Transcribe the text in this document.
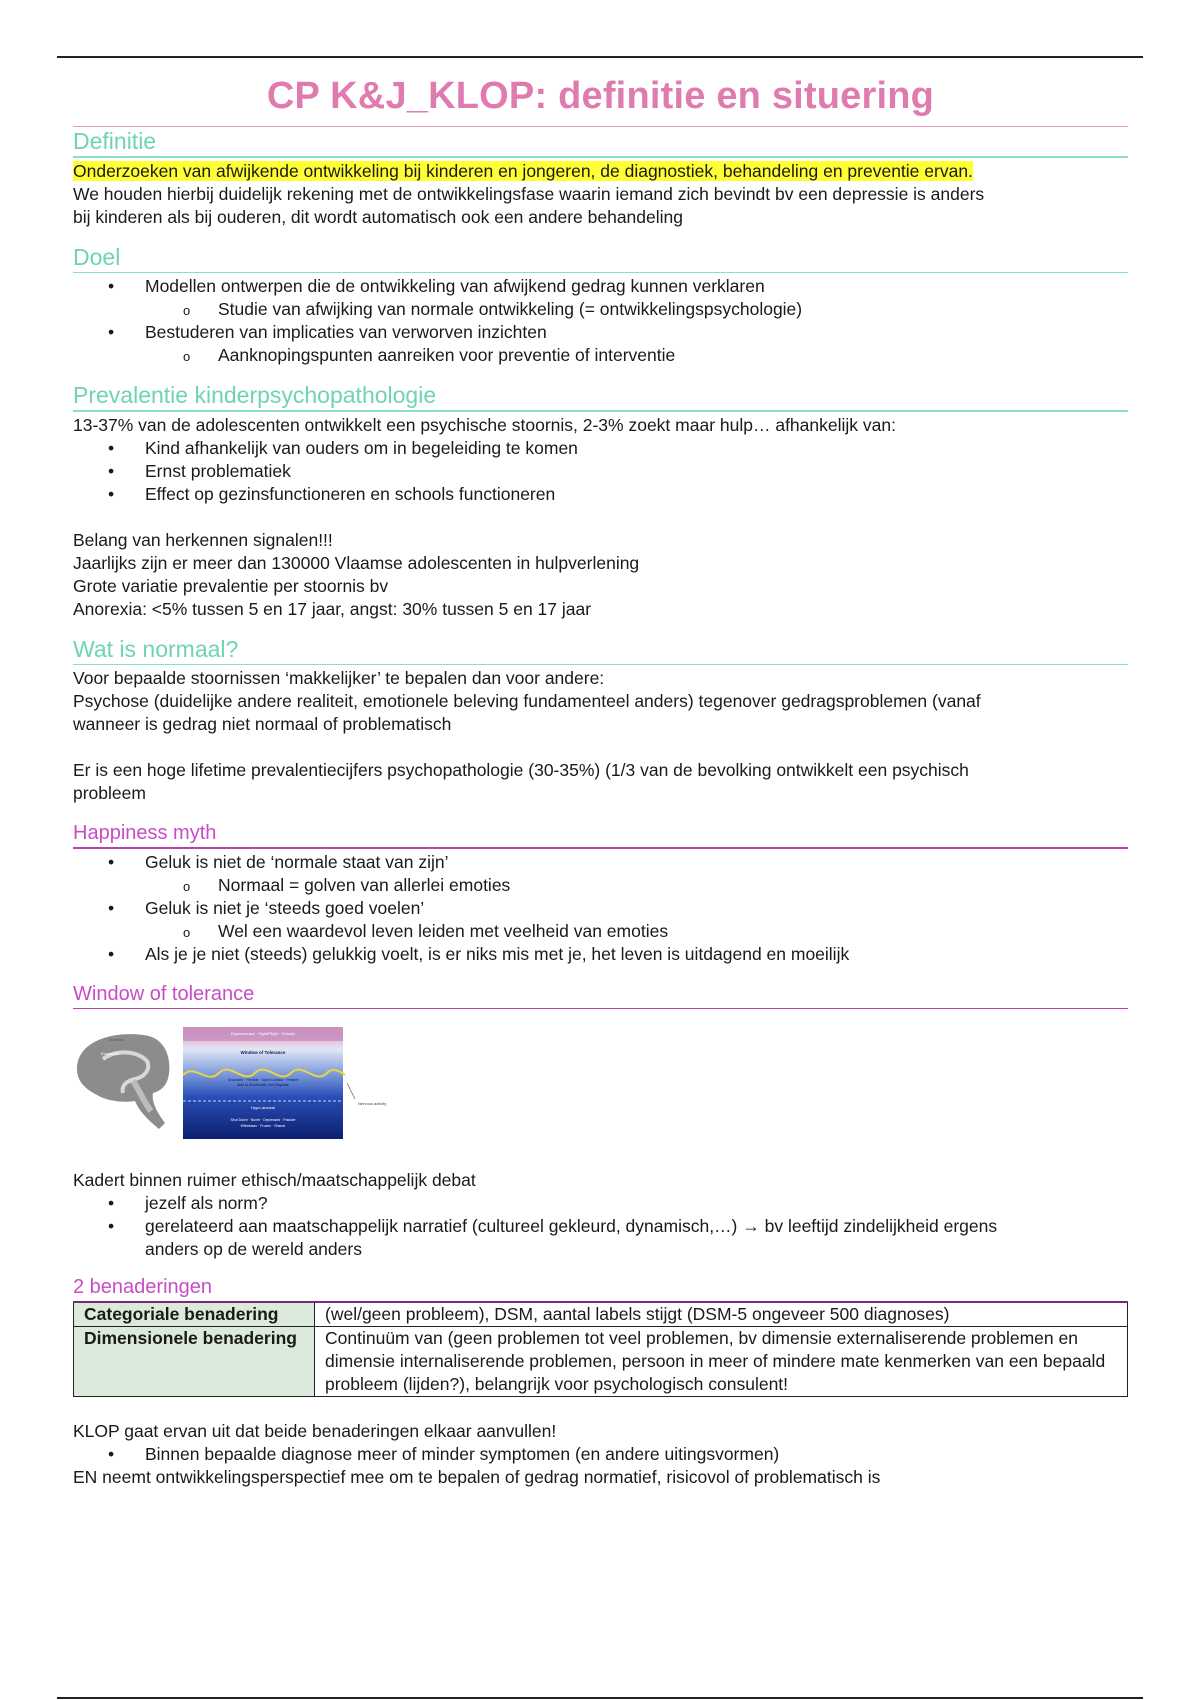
CP K&J_KLOP: definitie en situering
Definitie

Onderzoeken van afwijkende ontwikkeling bij kinderen en jongeren, de diagnostiek, behandeling en preventie ervan.

We houden hierbij duidelijk rekening met de ontwikkelingsfase waarin iemand zich bevindt bv een depressie is anders

bij kinderen als bij ouderen, dit wordt automatisch ook een andere behandeling

Doel
• Modellen ontwerpen die de ontwikkeling van afwijkend gedrag kunnen verklaren
o Studie van afwijking van normale ontwikkeling (= ontwikkelingspsychologie)
• Bestuderen van implicaties van verworven inzichten
o Aanknopingspunten aanreiken voor preventie of interventie
Prevalentie kinderpsychopathologie

13-37% van de adolescenten ontwikkelt een psychische stoornis, 2-3% zoekt maar hulp… afhankelijk van:

• Kind afhankelijk van ouders om in begeleiding te komen
• Ernst problematiek
• Effect op gezinsfunctioneren en schools functioneren

Belang van herkennen signalen!!!

Jaarlijks zijn er meer dan 130000 Vlaamse adolescenten in hulpverlening

Grote variatie prevalentie per stoornis bv

Anorexia: <5% tussen 5 en 17 jaar, angst: 30% tussen 5 en 17 jaar

Wat is normaal?

Voor bepaalde stoornissen ‘makkelijker’ te bepalen dan voor andere:

Psychose (duidelijke andere realiteit, emotionele beleving fundamenteel anders) tegenover gedragsproblemen (vanaf

wanneer is gedrag niet normaal of problematisch

Er is een hoge lifetime prevalentiecijfers psychopathologie (30-35%) (1/3 van de bevolking ontwikkelt een psychisch

probleem

Happiness myth
• Geluk is niet de ‘normale staat van zijn’
o Normaal = golven van allerlei emoties
• Geluk is niet je ‘steeds goed voelen’
o Wel een waardevol leven leiden met veelheid van emoties
• Als je je niet (steeds) gelukkig voelt, is er niks mis met je, het leven is uitdagend en moeilijk
Window of tolerance
Survival
Emotional
Hyperarousal · Fight/Flight · Chaotic
Window of Tolerance
Grounded · Flexible · Open/Curious · Present
Able to Emotionally Self Regulate
Hypo-arousal
Shut Down · Numb · Depressed · Passive
Withdrawn · Frozen · Shame
Nervous activity

Kadert binnen ruimer ethisch/maatschappelijk debat

• jezelf als norm?
• gerelateerd aan maatschappelijk narratief (cultureel gekleurd, dynamisch,…) → bv leeftijd zindelijkheid ergens
anders op de wereld anders
2 benaderingen
Categoriale benadering	(wel/geen probleem), DSM, aantal labels stijgt (DSM-5 ongeveer 500 diagnoses)
Dimensionele benadering	Continuüm van (geen problemen tot veel problemen, bv dimensie externaliserende problemen en dimensie internaliserende problemen, persoon in meer of mindere mate kenmerken van een bepaald probleem (lijden?), belangrijk voor psychologisch consulent!

KLOP gaat ervan uit dat beide benaderingen elkaar aanvullen!

• Binnen bepaalde diagnose meer of minder symptomen (en andere uitingsvormen)

EN neemt ontwikkelingsperspectief mee om te bepalen of gedrag normatief, risicovol of problematisch is
